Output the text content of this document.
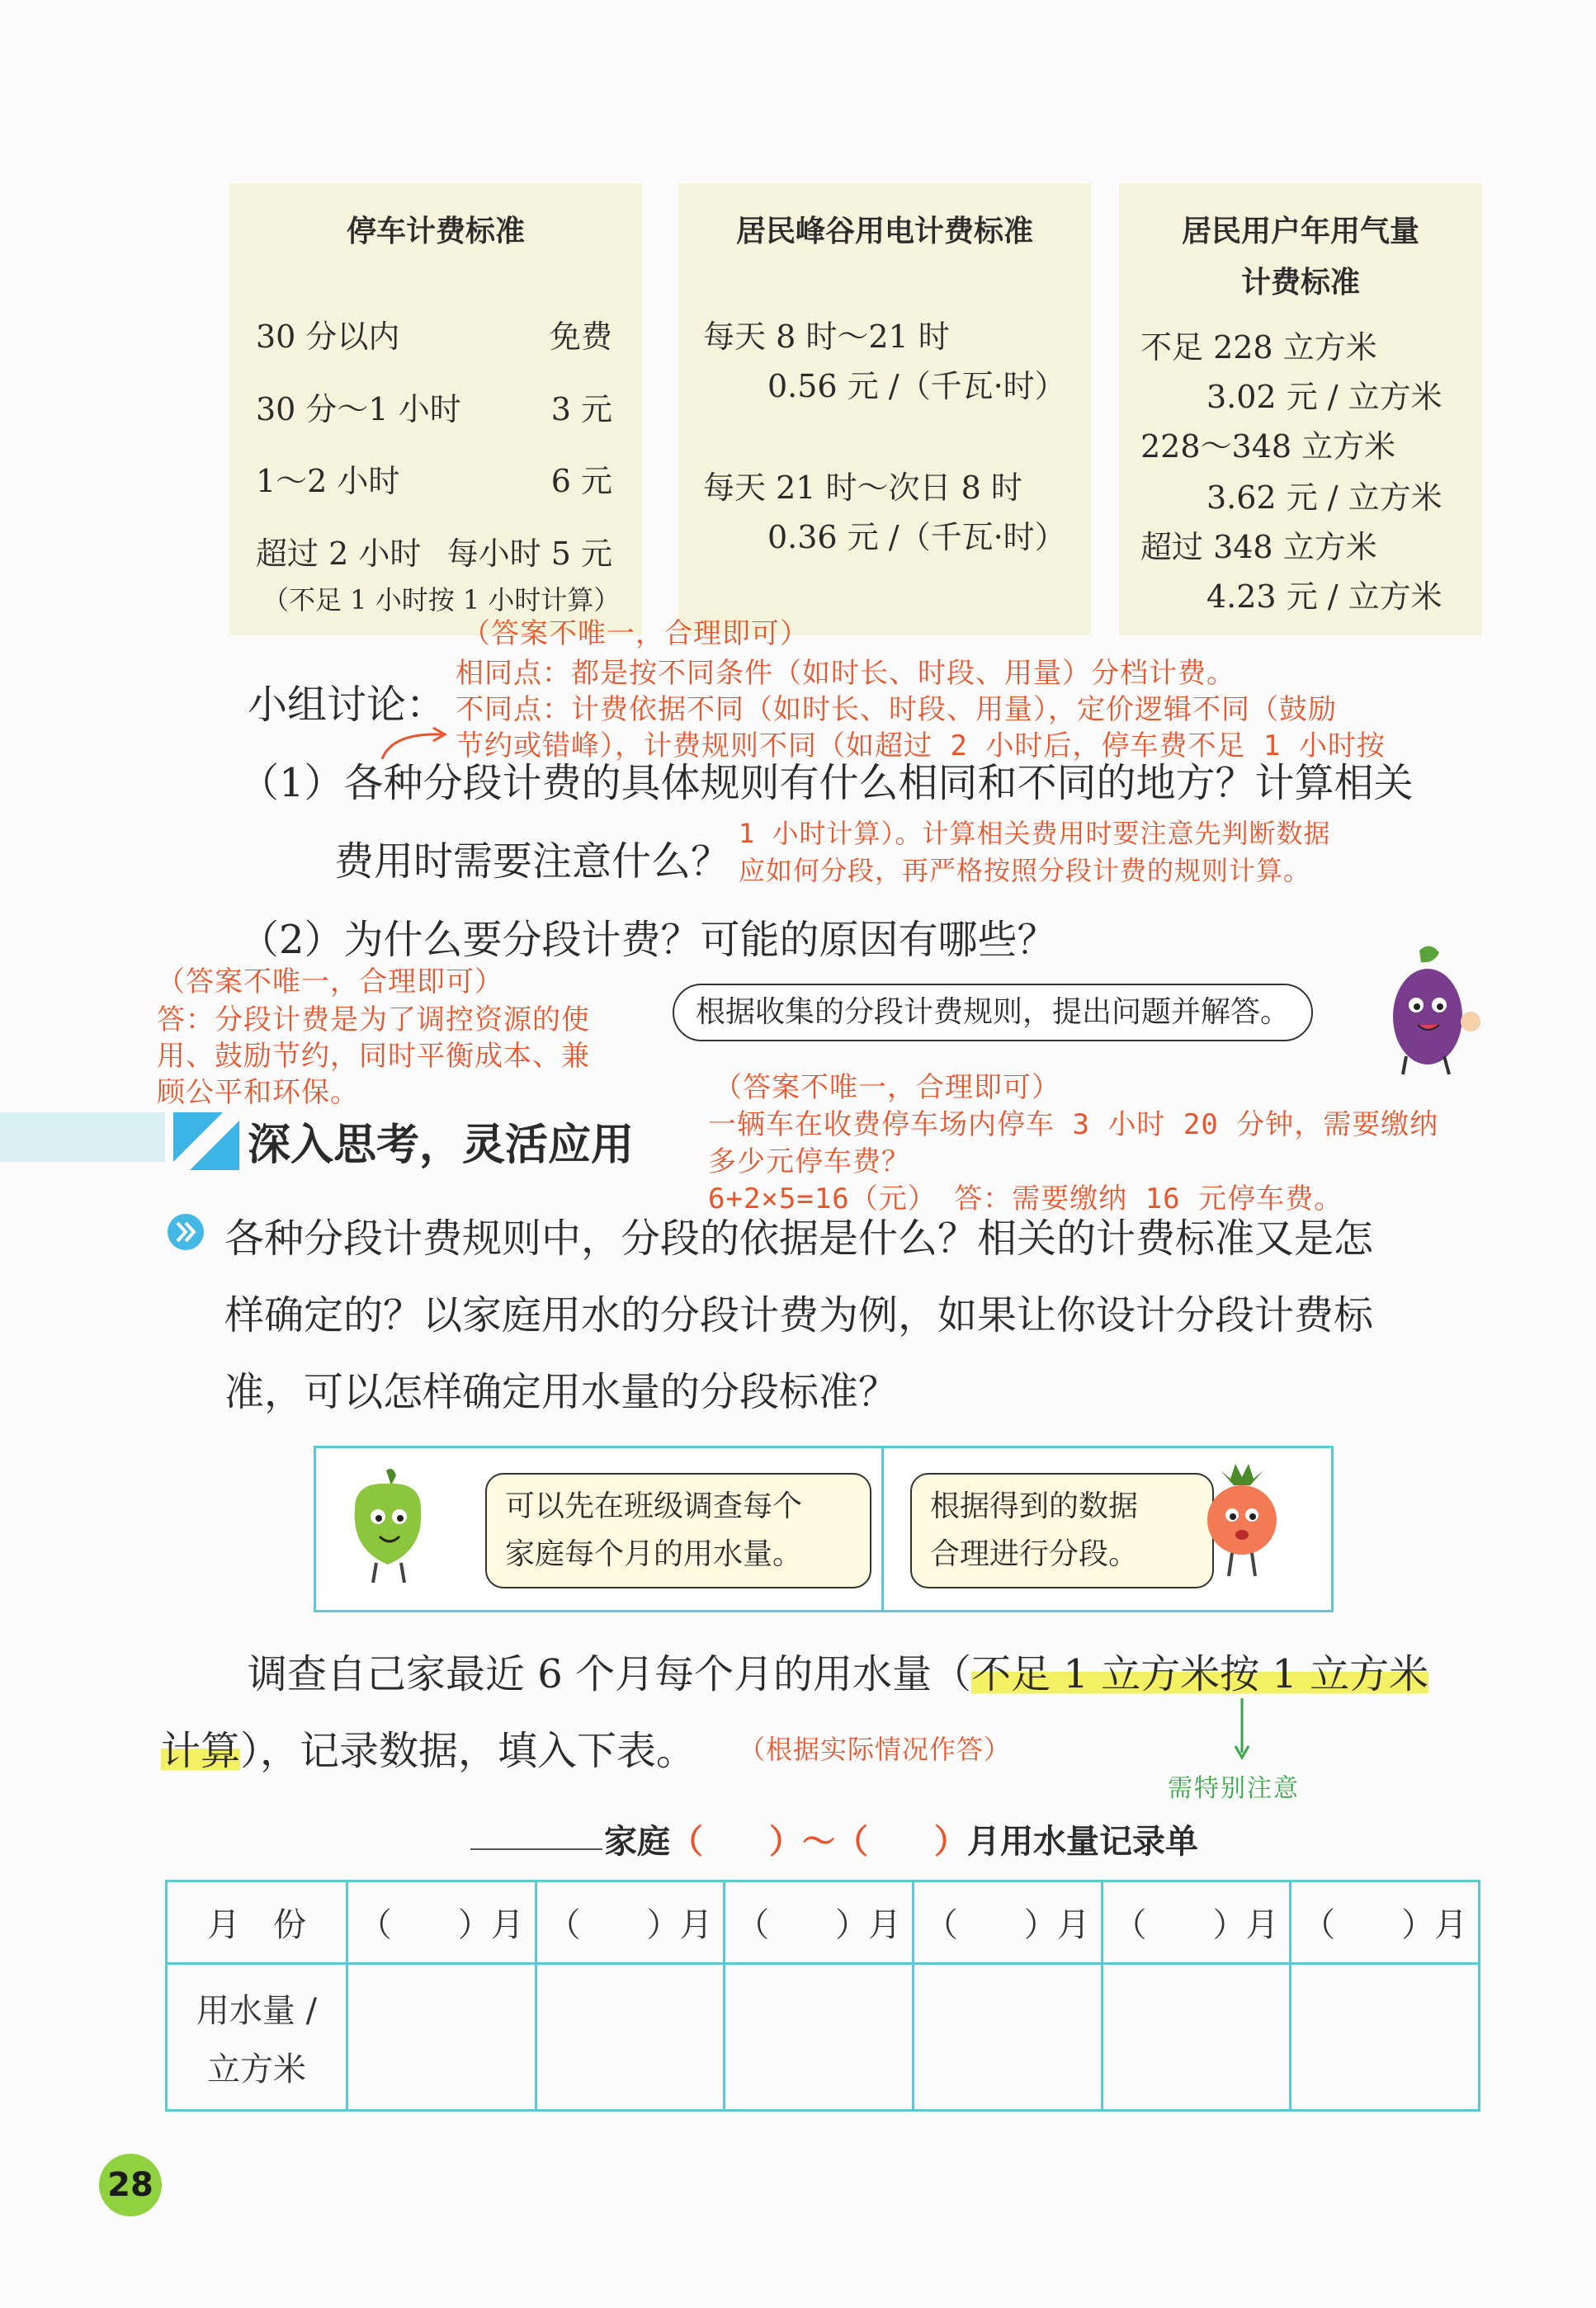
停车计费标准
30 分以内	免费
30 分～1 小时	3 元
1～2 小时	6 元
超过 2 小时 每小时 5 元
（不足 1 小时按 1 小时计算）
居民峰谷用电计费标准
每天 8 时～21 时
0.56 元 /（千瓦·时）
每天 21 时～次日 8 时
0.36 元 /（千瓦·时）
居民用户年用气量
计费标准
不足 228 立方米
3.02 元 / 立方米
228～348 立方米
3.62 元 / 立方米
超过 348 立方米
4.23 元 / 立方米
（答案不唯一，合理即可）
相同点：都是按不同条件（如时长、时段、用量）分档计费。
不同点：计费依据不同（如时长、时段、用量），定价逻辑不同（鼓励
节约或错峰），计费规则不同（如超过 2 小时后，停车费不足 1 小时按
小组讨论：
（1）各种分段计费的具体规则有什么相同和不同的地方？计算相关
费用时需要注意什么？
1 小时计算）。计算相关费用时要注意先判断数据
应如何分段，再严格按照分段计费的规则计算。
（2）为什么要分段计费？可能的原因有哪些？
（答案不唯一，合理即可）
答：分段计费是为了调控资源的使
用、鼓励节约，同时平衡成本、兼
顾公平和环保。
根据收集的分段计费规则，提出问题并解答。
（答案不唯一，合理即可）
一辆车在收费停车场内停车 3 小时 20 分钟，需要缴纳
多少元停车费？
6+2×5=16（元） 答：需要缴纳 16 元停车费。
深入思考，灵活应用
各种分段计费规则中，分段的依据是什么？相关的计费标准又是怎
样确定的？以家庭用水的分段计费为例，如果让你设计分段计费标
准，可以怎样确定用水量的分段标准？
可以先在班级调查每个
家庭每个月的用水量。
根据得到的数据
合理进行分段。
调查自己家最近 6 个月每个月的用水量（不足 1 立方米按 1 立方米
计算），记录数据，填入下表。 （根据实际情况作答）
需特别注意
家庭（　　）～（　　）月用水量记录单
月　份	（　　）月	（　　）月	（　　）月	（　　）月	（　　）月	（　　）月

用水量 /
立方米						

28
